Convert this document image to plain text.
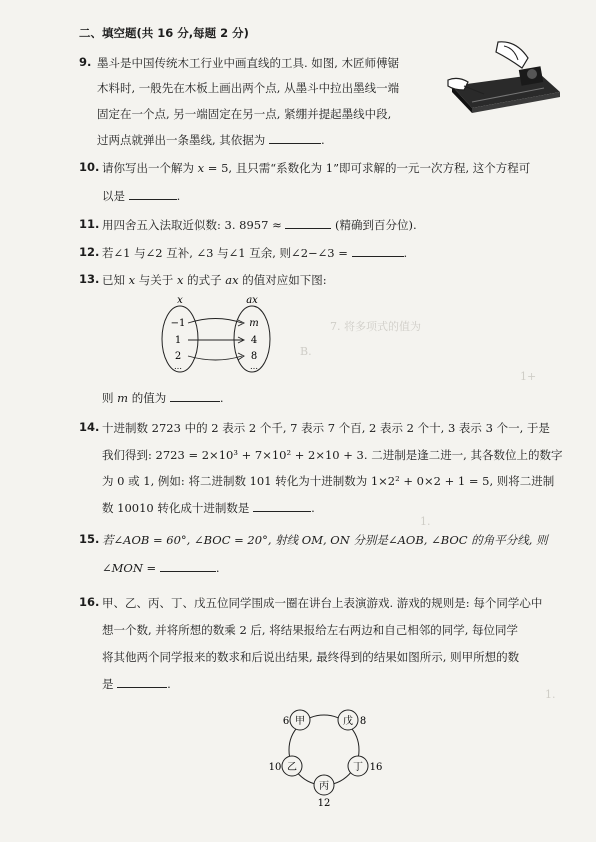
7. 将多项式的值为
B.
1+
1.
1.
二、填空题(共 16 分,每题 2 分)
9. 墨斗是中国传统木工行业中画直线的工具. 如图, 木匠师傅锯
木料时, 一般先在木板上画出两个点, 从墨斗中拉出墨线一端
固定在一个点, 另一端固定在另一点, 紧绷并提起墨线中段,
过两点就弹出一条墨线, 其依据为	.
10. 请你写出一个解为 x = 5, 且只需“系数化为 1”即可求解的一元一次方程, 这个方程可
以是	.
11. 用四舍五入法取近似数: 3. 8957 ≈	(精确到百分位).
12. 若∠1 与∠2 互补, ∠3 与∠1 互余, 则∠2−∠3 =	.
13. 已知 x 与关于 x 的式子 ax 的值对应如下图:
x	ax
−1
1
2
…
m
4
8
…
则 m 的值为	.
14. 十进制数 2723 中的 2 表示 2 个千, 7 表示 7 个百, 2 表示 2 个十, 3 表示 3 个一, 于是
我们得到: 2723 = 2×10³ + 7×10² + 2×10 + 3. 二进制是逢二进一, 其各数位上的数字
为 0 或 1, 例如: 将二进制数 101 转化为十进制数为 1×2² + 0×2 + 1 = 5, 则将二进制
数 10010 转化成十进制数是	.
15. 若∠AOB = 60°, ∠BOC = 20°, 射线 OM, ON 分别是∠AOB, ∠BOC 的角平分线, 则
∠MON =	.
16. 甲、乙、丙、丁、戊五位同学围成一圈在讲台上表演游戏. 游戏的规则是: 每个同学心中
想一个数, 并将所想的数乘 2 后, 将结果报给左右两边和自己相邻的同学, 每位同学
将其他两个同学报来的数求和后说出结果, 最终得到的结果如图所示, 则甲所想的数
是	.
甲	戊
乙	丁
丙
6	8
10	16
12
